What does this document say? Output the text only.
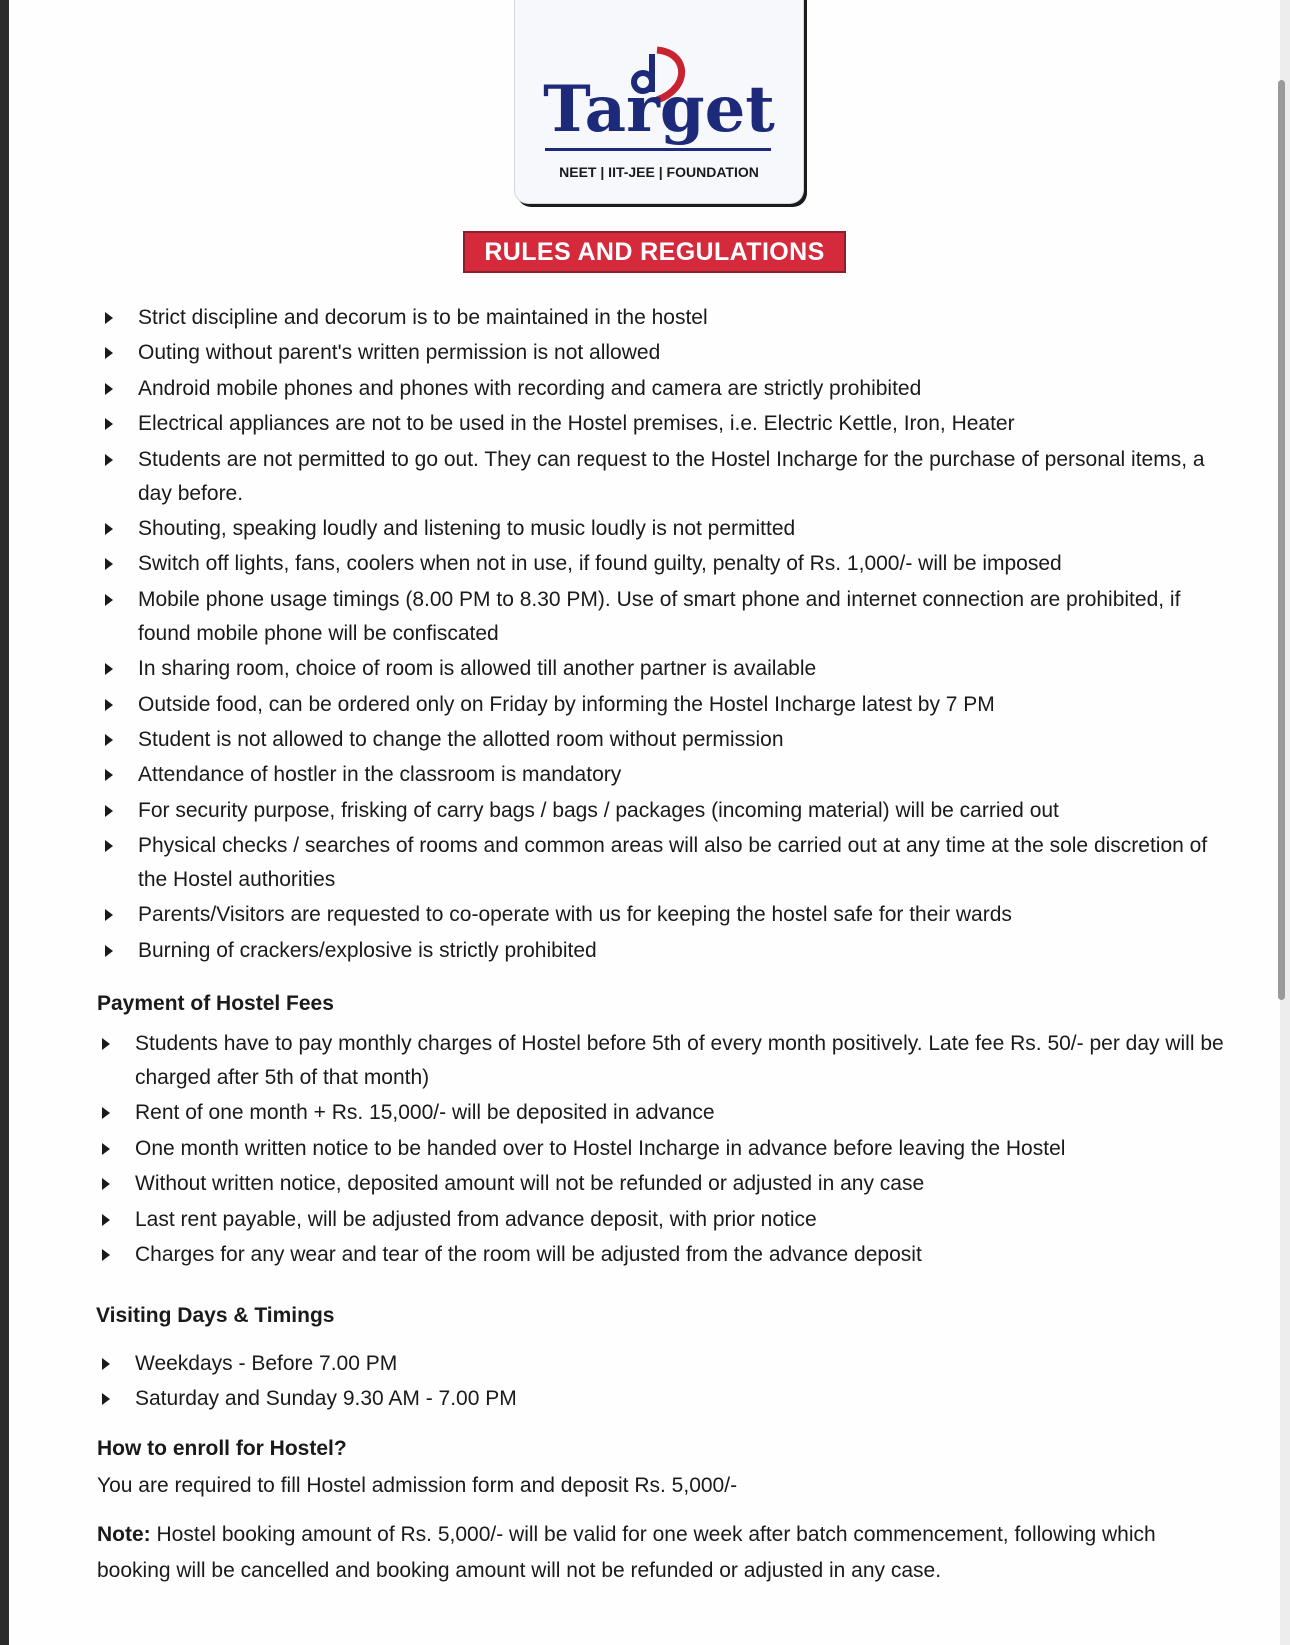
Target
NEET | IIT-JEE | FOUNDATION
RULES AND REGULATIONS
Strict discipline and decorum is to be maintained in the hostel
Outing without parent's written permission is not allowed
Android mobile phones and phones with recording and camera are strictly prohibited
Electrical appliances are not to be used in the Hostel premises, i.e. Electric Kettle, Iron, Heater
Students are not permitted to go out. They can request to the Hostel Incharge for the purchase of personal items, a day before.
Shouting, speaking loudly and listening to music loudly is not permitted
Switch off lights, fans, coolers when not in use, if found guilty, penalty of Rs. 1,000/- will be imposed
Mobile phone usage timings (8.00 PM to 8.30 PM). Use of smart phone and internet connection are prohibited, if found mobile phone will be confiscated
In sharing room, choice of room is allowed till another partner is available
Outside food, can be ordered only on Friday by informing the Hostel Incharge latest by 7 PM
Student is not allowed to change the allotted room without permission
Attendance of hostler in the classroom is mandatory
For security purpose, frisking of carry bags / bags / packages (incoming material) will be carried out
Physical checks / searches of rooms and common areas will also be carried out at any time at the sole discretion of the Hostel authorities
Parents/Visitors are requested to co-operate with us for keeping the hostel safe for their wards
Burning of crackers/explosive is strictly prohibited
Payment of Hostel Fees
Students have to pay monthly charges of Hostel before 5th of every month positively. Late fee Rs. 50/- per day will be charged after 5th of that month)
Rent of one month + Rs. 15,000/- will be deposited in advance
One month written notice to be handed over to Hostel Incharge in advance before leaving the Hostel
Without written notice, deposited amount will not be refunded or adjusted in any case
Last rent payable, will be adjusted from advance deposit, with prior notice
Charges for any wear and tear of the room will be adjusted from the advance deposit
Visiting Days & Timings
Weekdays - Before 7.00 PM
Saturday and Sunday 9.30 AM - 7.00 PM
How to enroll for Hostel?
You are required to fill Hostel admission form and deposit Rs. 5,000/-
Note: Hostel booking amount of Rs. 5,000/- will be valid for one week after batch commencement, following which booking will be cancelled and booking amount will not be refunded or adjusted in any case.
